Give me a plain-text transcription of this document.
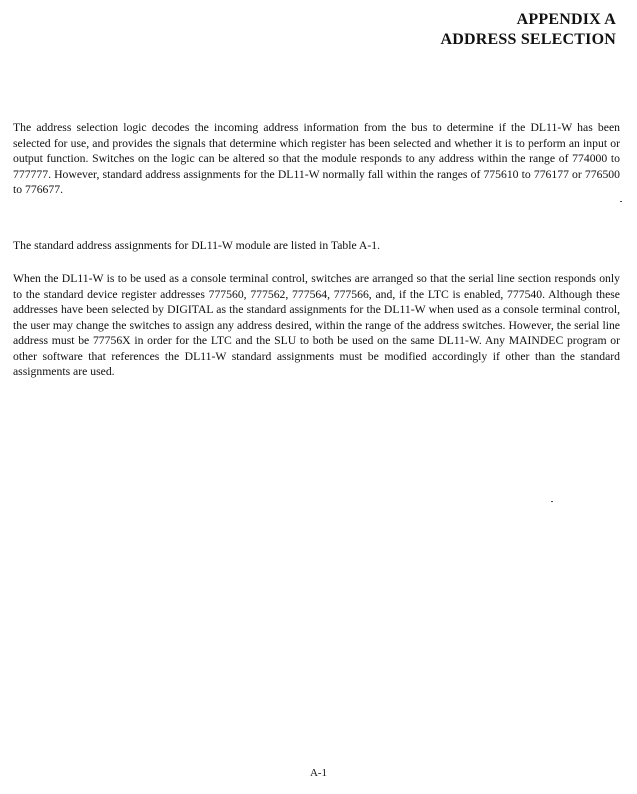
APPENDIX A
ADDRESS SELECTION

The address selection logic decodes the incoming address information from the bus to determine if the DL11-W has been selected for use, and provides the signals that determine which register has been selected and whether it is to perform an input or output function. Switches on the logic can be altered so that the module responds to any address within the range of 774000 to 777777. However, standard address assignments for the DL11-W normally fall within the ranges of 775610 to 776177 or 776500 to 776677.

The standard address assignments for DL11-W module are listed in Table A-1.

When the DL11-W is to be used as a console terminal control, switches are arranged so that the serial line section responds only to the standard device register addresses 777560, 777562, 777564, 777566, and, if the LTC is enabled, 777540. Although these addresses have been selected by DIGITAL as the standard assignments for the DL11-W when used as a console terminal control, the user may change the switches to assign any address desired, within the range of the address switches. However, the serial line address must be 77756X in order for the LTC and the SLU to both be used on the same DL11-W. Any MAINDEC program or other software that references the DL11-W standard assignments must be modified accordingly if other than the standard assignments are used.

A-1
